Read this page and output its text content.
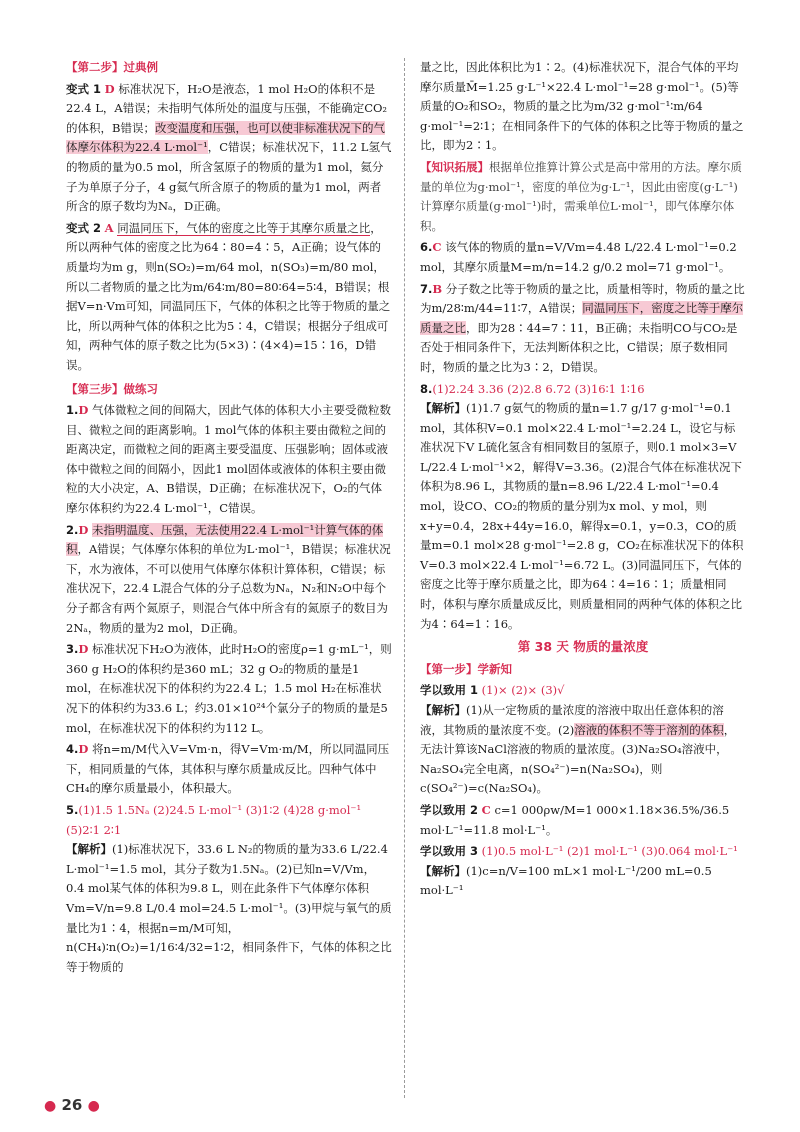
【第二步】过典例

变式 1 D 标准状况下，H₂O是液态，1 mol H₂O的体积不是22.4 L，A错误；未指明气体所处的温度与压强，不能确定CO₂的体积，B错误；改变温度和压强，也可以使非标准状况下的气体摩尔体积为22.4 L·mol⁻¹，C错误；标准状况下，11.2 L氢气的物质的量为0.5 mol，所含氢原子的物质的量为1 mol，氦分子为单原子分子，4 g氦气所含原子的物质的量为1 mol，两者所含的原子数均为Nₐ，D正确。

变式 2 A 同温同压下，气体的密度之比等于其摩尔质量之比，所以两种气体的密度之比为64∶80=4∶5，A正确；设气体的质量均为m g，则n(SO₂)=m/64 mol，n(SO₃)=m/80 mol，所以二者物质的量之比为m/64∶m/80=80∶64=5∶4，B错误；根据V=n·Vm可知，同温同压下，气体的体积之比等于物质的量之比，所以两种气体的体积之比为5∶4，C错误；根据分子组成可知，两种气体的原子数之比为(5×3)∶(4×4)=15∶16，D错误。

【第三步】做练习

1.D 气体微粒之间的间隔大，因此气体的体积大小主要受微粒数目、微粒之间的距离影响。1 mol气体的体积主要由微粒之间的距离决定，而微粒之间的距离主要受温度、压强影响；固体或液体中微粒之间的间隔小，因此1 mol固体或液体的体积主要由微粒的大小决定，A、B错误，D正确；在标准状况下，O₂的气体摩尔体积约为22.4 L·mol⁻¹，C错误。

2.D 未指明温度、压强，无法使用22.4 L·mol⁻¹计算气体的体积，A错误；气体摩尔体积的单位为L·mol⁻¹，B错误；标准状况下，水为液体，不可以使用气体摩尔体积计算体积，C错误；标准状况下，22.4 L混合气体的分子总数为Nₐ，N₂和N₂O中每个分子都含有两个氮原子，则混合气体中所含有的氮原子的数目为2Nₐ，物质的量为2 mol，D正确。

3.D 标准状况下H₂O为液体，此时H₂O的密度ρ=1 g·mL⁻¹，则360 g H₂O的体积约是360 mL；32 g O₂的物质的量是1 mol，在标准状况下的体积约为22.4 L；1.5 mol H₂在标准状况下的体积约为33.6 L；约3.01×10²⁴个氯分子的物质的量是5 mol，在标准状况下的体积约为112 L。

4.D 将n=m/M代入V=Vm·n，得V=Vm·m/M，所以同温同压下，相同质量的气体，其体积与摩尔质量成反比。四种气体中CH₄的摩尔质量最小，体积最大。

5.(1)1.5 1.5Nₐ (2)24.5 L·mol⁻¹ (3)1∶2 (4)28 g·mol⁻¹ (5)2∶1 2∶1

【解析】(1)标准状况下，33.6 L N₂的物质的量为33.6 L/22.4 L·mol⁻¹=1.5 mol，其分子数为1.5Nₐ。(2)已知n=V/Vm，0.4 mol某气体的体积为9.8 L，则在此条件下气体摩尔体积Vm=V/n=9.8 L/0.4 mol=24.5 L·mol⁻¹。(3)甲烷与氧气的质量比为1∶4，根据n=m/M可知，n(CH₄)∶n(O₂)=1/16∶4/32=1∶2，相同条件下，气体的体积之比等于物质的

量之比，因此体积比为1∶2。(4)标准状况下，混合气体的平均摩尔质量M̄=1.25 g·L⁻¹×22.4 L·mol⁻¹=28 g·mol⁻¹。(5)等质量的O₂和SO₂，物质的量之比为m/32 g·mol⁻¹∶m/64 g·mol⁻¹=2∶1；在相同条件下的气体的体积之比等于物质的量之比，即为2∶1。

【知识拓展】根据单位推算计算公式是高中常用的方法。摩尔质量的单位为g·mol⁻¹，密度的单位为g·L⁻¹，因此由密度(g·L⁻¹)计算摩尔质量(g·mol⁻¹)时，需乘单位L·mol⁻¹，即气体摩尔体积。

6.C 该气体的物质的量n=V/Vm=4.48 L/22.4 L·mol⁻¹=0.2 mol，其摩尔质量M=m/n=14.2 g/0.2 mol=71 g·mol⁻¹。

7.B 分子数之比等于物质的量之比，质量相等时，物质的量之比为m/28∶m/44=11∶7，A错误；同温同压下，密度之比等于摩尔质量之比，即为28∶44=7∶11，B正确；未指明CO与CO₂是否处于相同条件下，无法判断体积之比，C错误；原子数相同时，物质的量之比为3∶2，D错误。

8.(1)2.24 3.36 (2)2.8 6.72 (3)16∶1 1∶16

【解析】(1)1.7 g氨气的物质的量n=1.7 g/17 g·mol⁻¹=0.1 mol，其体积V=0.1 mol×22.4 L·mol⁻¹=2.24 L，设它与标准状况下V L硫化氢含有相同数目的氢原子，则0.1 mol×3=V L/22.4 L·mol⁻¹×2，解得V=3.36。(2)混合气体在标准状况下体积为8.96 L，其物质的量n=8.96 L/22.4 L·mol⁻¹=0.4 mol，设CO、CO₂的物质的量分别为x mol、y mol，则x+y=0.4，28x+44y=16.0，解得x=0.1，y=0.3，CO的质量m=0.1 mol×28 g·mol⁻¹=2.8 g，CO₂在标准状况下的体积V=0.3 mol×22.4 L·mol⁻¹=6.72 L。(3)同温同压下，气体的密度之比等于摩尔质量之比，即为64∶4=16∶1；质量相同时，体积与摩尔质量成反比，则质量相同的两种气体的体积之比为4∶64=1∶16。

第 38 天 物质的量浓度

【第一步】学新知

学以致用 1 (1)× (2)× (3)√

【解析】(1)从一定物质的量浓度的溶液中取出任意体积的溶液，其物质的量浓度不变。(2)溶液的体积不等于溶剂的体积，无法计算该NaCl溶液的物质的量浓度。(3)Na₂SO₄溶液中，Na₂SO₄完全电离，n(SO₄²⁻)=n(Na₂SO₄)，则c(SO₄²⁻)=c(Na₂SO₄)。

学以致用 2 C c=1 000ρw/M=1 000×1.18×36.5%/36.5 mol·L⁻¹=11.8 mol·L⁻¹。

学以致用 3 (1)0.5 mol·L⁻¹ (2)1 mol·L⁻¹ (3)0.064 mol·L⁻¹

【解析】(1)c=n/V=100 mL×1 mol·L⁻¹/200 mL=0.5 mol·L⁻¹

● 26 ●
